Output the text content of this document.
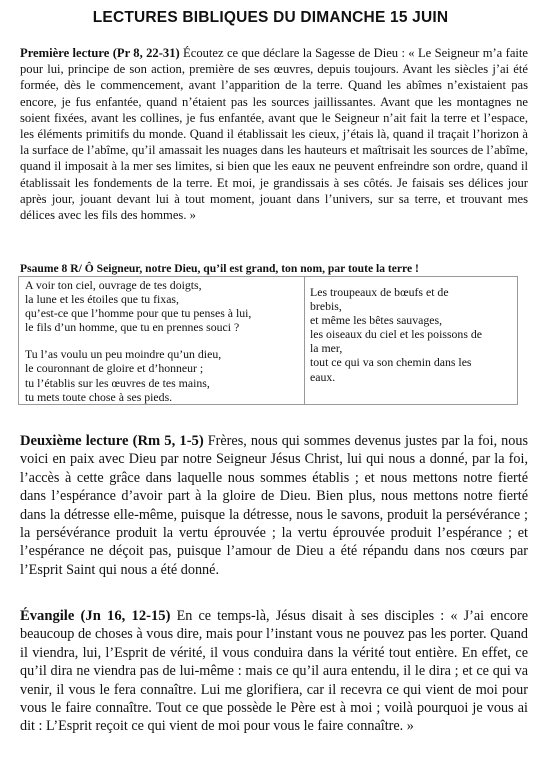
LECTURES BIBLIQUES DU DIMANCHE 15 JUIN
Première lecture (Pr 8, 22-31) Écoutez ce que déclare la Sagesse de Dieu : « Le Seigneur m’a faite pour lui, principe de son action, première de ses œuvres, depuis toujours. Avant les siècles j’ai été formée, dès le commencement, avant l’apparition de la terre. Quand les abîmes n’existaient pas encore, je fus enfantée, quand n’étaient pas les sources jaillissantes. Avant que les montagnes ne soient fixées, avant les collines, je fus enfantée, avant que le Seigneur n’ait fait la terre et l’espace, les éléments primitifs du monde. Quand il établissait les cieux, j’étais là, quand il traçait l’horizon à la surface de l’abîme, qu’il amassait les nuages dans les hauteurs et maîtrisait les sources de l’abîme, quand il imposait à la mer ses limites, si bien que les eaux ne peuvent enfreindre son ordre, quand il établissait les fondements de la terre. Et moi, je grandissais à ses côtés. Je faisais ses délices jour après jour, jouant devant lui à tout moment, jouant dans l’univers, sur sa terre, et trouvant mes délices avec les fils des hommes. »
Psaume 8 R/ Ô Seigneur, notre Dieu, qu’il est grand, ton nom, par toute la terre !
A voir ton ciel, ouvrage de tes doigts,
la lune et les étoiles que tu fixas,
qu’est-ce que l’homme pour que tu penses à lui,
le fils d’un homme, que tu en prennes souci ?
Tu l’as voulu un peu moindre qu’un dieu,
le couronnant de gloire et d’honneur ;
tu l’établis sur les œuvres de tes mains,
tu mets toute chose à ses pieds.
Les troupeaux de bœufs et de
brebis,
et même les bêtes sauvages,
les oiseaux du ciel et les poissons de
la mer,
tout ce qui va son chemin dans les
eaux.
Deuxième lecture (Rm 5, 1-5) Frères, nous qui sommes devenus justes par la foi, nous voici en paix avec Dieu par notre Seigneur Jésus Christ, lui qui nous a donné, par la foi, l’accès à cette grâce dans laquelle nous sommes établis ; et nous mettons notre fierté dans l’espérance d’avoir part à la gloire de Dieu. Bien plus, nous mettons notre fierté dans la détresse elle-même, puisque la détresse, nous le savons, produit la persévérance ; la persévérance produit la vertu éprouvée ; la vertu éprouvée produit l’espérance ; et l’espérance ne déçoit pas, puisque l’amour de Dieu a été répandu dans nos cœurs par l’Esprit Saint qui nous a été donné.
Évangile (Jn 16, 12-15) En ce temps-là, Jésus disait à ses disciples : « J’ai encore beaucoup de choses à vous dire, mais pour l’instant vous ne pouvez pas les porter. Quand il viendra, lui, l’Esprit de vérité, il vous conduira dans la vérité tout entière. En effet, ce qu’il dira ne viendra pas de lui-même : mais ce qu’il aura entendu, il le dira ; et ce qui va venir, il vous le fera connaître. Lui me glorifiera, car il recevra ce qui vient de moi pour vous le faire connaître. Tout ce que possède le Père est à moi ; voilà pourquoi je vous ai dit : L’Esprit reçoit ce qui vient de moi pour vous le faire connaître. »
